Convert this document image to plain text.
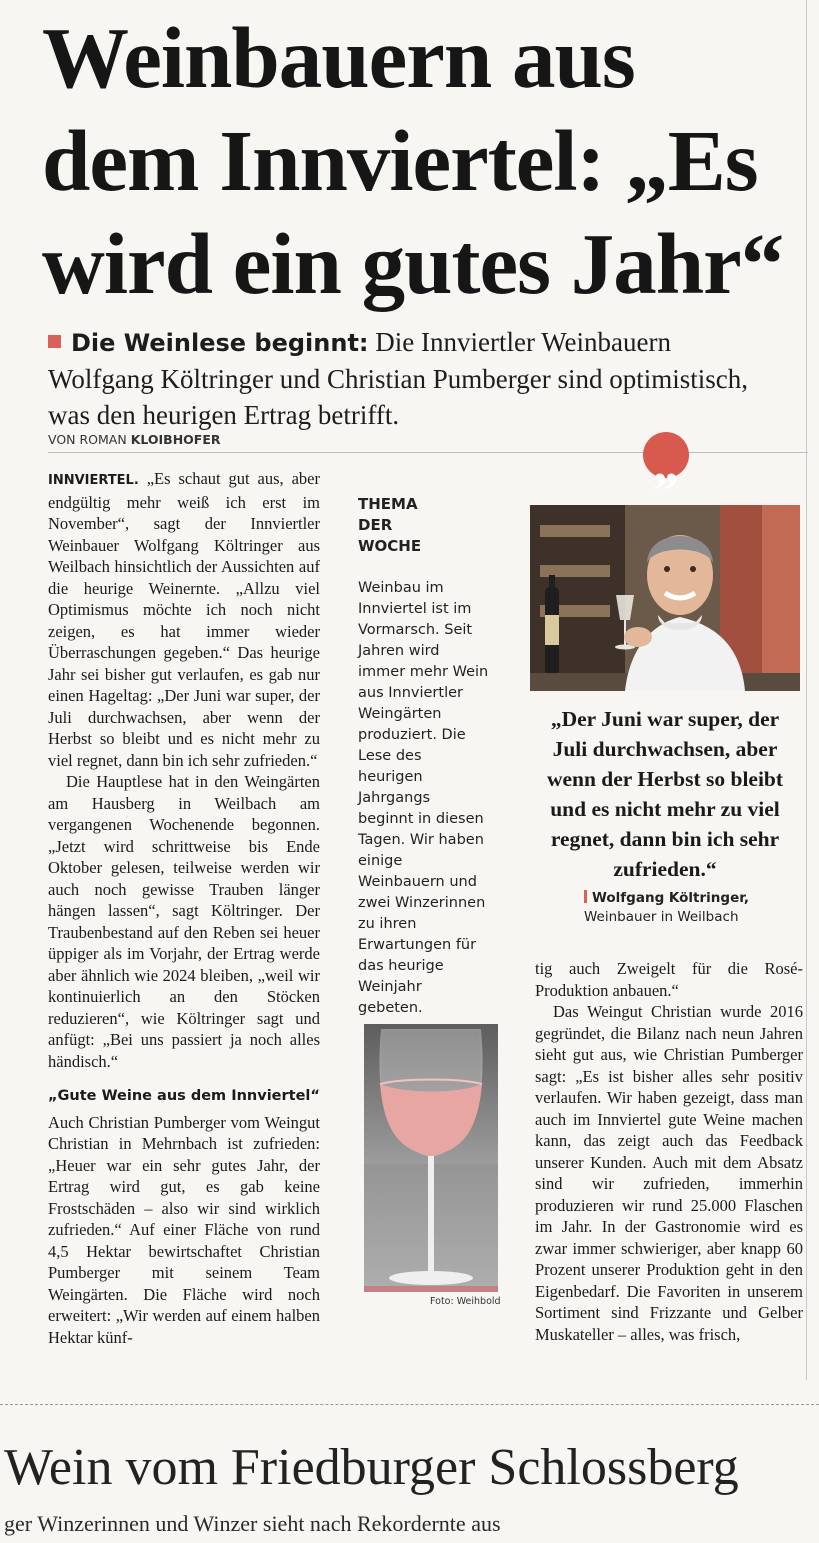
Weinbauern aus dem Innviertel: „Es wird ein gutes Jahr“
Die Weinlese beginnt: Die Innviertler Weinbauern Wolfgang Költringer und Christian Pumberger sind optimistisch, was den heurigen Ertrag betrifft.
VON ROMAN KLOIBHOFER	„

INNVIERTEL. „Es schaut gut aus, aber endgültig mehr weiß ich erst im November“, sagt der Innviertler Weinbauer Wolfgang Költringer aus Weilbach hinsichtlich der Aussichten auf die heurige Weinernte. „Allzu viel Optimismus möchte ich noch nicht zeigen, es hat immer wieder Überraschungen gegeben.“ Das heurige Jahr sei bisher gut verlaufen, es gab nur einen Hageltag: „Der Juni war super, der Juli durchwachsen, aber wenn der Herbst so bleibt und es nicht mehr zu viel regnet, dann bin ich sehr zufrieden.“

Die Hauptlese hat in den Weingärten am Hausberg in Weilbach am vergangenen Wochenende begonnen. „Jetzt wird schrittweise bis Ende Oktober gelesen, teilweise werden wir auch noch gewisse Trauben länger hängen lassen“, sagt Költringer. Der Traubenbestand auf den Reben sei heuer üppiger als im Vorjahr, der Ertrag werde aber ähnlich wie 2024 bleiben, „weil wir kontinuierlich an den Stöcken reduzieren“, wie Költringer sagt und anfügt: „Bei uns passiert ja noch alles händisch.“

„Gute Weine aus dem Innviertel“

Auch Christian Pumberger vom Weingut Christian in Mehrnbach ist zufrieden: „Heuer war ein sehr gutes Jahr, der Ertrag wird gut, es gab keine Frostschäden – also wir sind wirklich zufrieden.“ Auf einer Fläche von rund 4,5 Hektar bewirtschaftet Christian Pumberger mit seinem Team Weingärten. Die Fläche wird noch erweitert: „Wir werden auf einem halben Hektar künf-

THEMA
DER
WOCHE
Weinbau im Innviertel ist im Vormarsch. Seit Jahren wird immer mehr Wein aus Innviertler Weingärten produziert. Die Lese des heurigen Jahrgangs beginnt in diesen Tagen. Wir haben einige Weinbauern und zwei Winzerinnen zu ihren Erwartungen für das heurige Weinjahr gebeten.
„Der Juni war super, der Juli durchwachsen, aber wenn der Herbst so bleibt und es nicht mehr zu viel regnet, dann bin ich sehr zufrieden.“
Wolfgang Költringer,
Weinbauer in Weilbach
Foto: Weihbold

tig auch Zweigelt für die Rosé-Produktion anbauen.“

Das Weingut Christian wurde 2016 gegründet, die Bilanz nach neun Jahren sieht gut aus, wie Christian Pumberger sagt: „Es ist bisher alles sehr positiv verlaufen. Wir haben gezeigt, dass man auch im Innviertel gute Weine machen kann, das zeigt auch das Feedback unserer Kunden. Auch mit dem Absatz sind wir zufrieden, immerhin produzieren wir rund 25.000 Flaschen im Jahr. In der Gastronomie wird es zwar immer schwieriger, aber knapp 60 Prozent unserer Produktion geht in den Eigenbedarf. Die Favoriten in unserem Sortiment sind Frizzante und Gelber Muskateller – alles, was frisch,

Wein vom Friedburger Schlossberg
ger Winzerinnen und Winzer sieht nach Rekordernte aus
